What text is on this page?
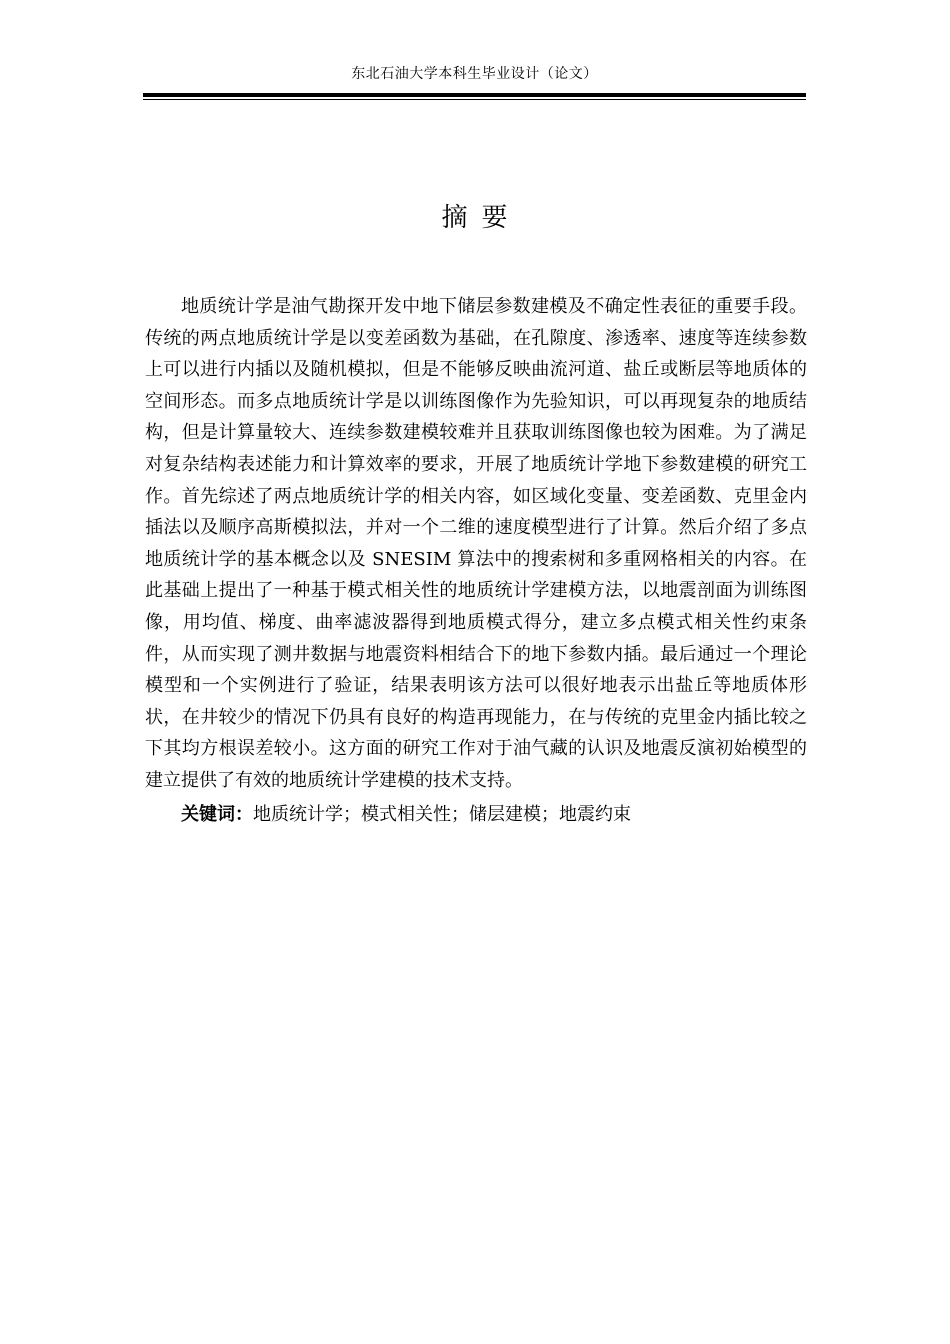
东北石油大学本科生毕业设计（论文）
摘要

地质统计学是油气勘探开发中地下储层参数建模及不确定性表征的重要手段。传统的两点地质统计学是以变差函数为基础，在孔隙度、渗透率、速度等连续参数上可以进行内插以及随机模拟，但是不能够反映曲流河道、盐丘或断层等地质体的空间形态。而多点地质统计学是以训练图像作为先验知识，可以再现复杂的地质结构，但是计算量较大、连续参数建模较难并且获取训练图像也较为困难。为了满足对复杂结构表述能力和计算效率的要求，开展了地质统计学地下参数建模的研究工作。首先综述了两点地质统计学的相关内容，如区域化变量、变差函数、克里金内插法以及顺序高斯模拟法，并对一个二维的速度模型进行了计算。然后介绍了多点地质统计学的基本概念以及 SNESIM 算法中的搜索树和多重网格相关的内容。在此基础上提出了一种基于模式相关性的地质统计学建模方法，以地震剖面为训练图像，用均值、梯度、曲率滤波器得到地质模式得分，建立多点模式相关性约束条件，从而实现了测井数据与地震资料相结合下的地下参数内插。最后通过一个理论模型和一个实例进行了验证，结果表明该方法可以很好地表示出盐丘等地质体形状，在井较少的情况下仍具有良好的构造再现能力，在与传统的克里金内插比较之下其均方根误差较小。这方面的研究工作对于油气藏的认识及地震反演初始模型的建立提供了有效的地质统计学建模的技术支持。

关键词：地质统计学；模式相关性；储层建模；地震约束
